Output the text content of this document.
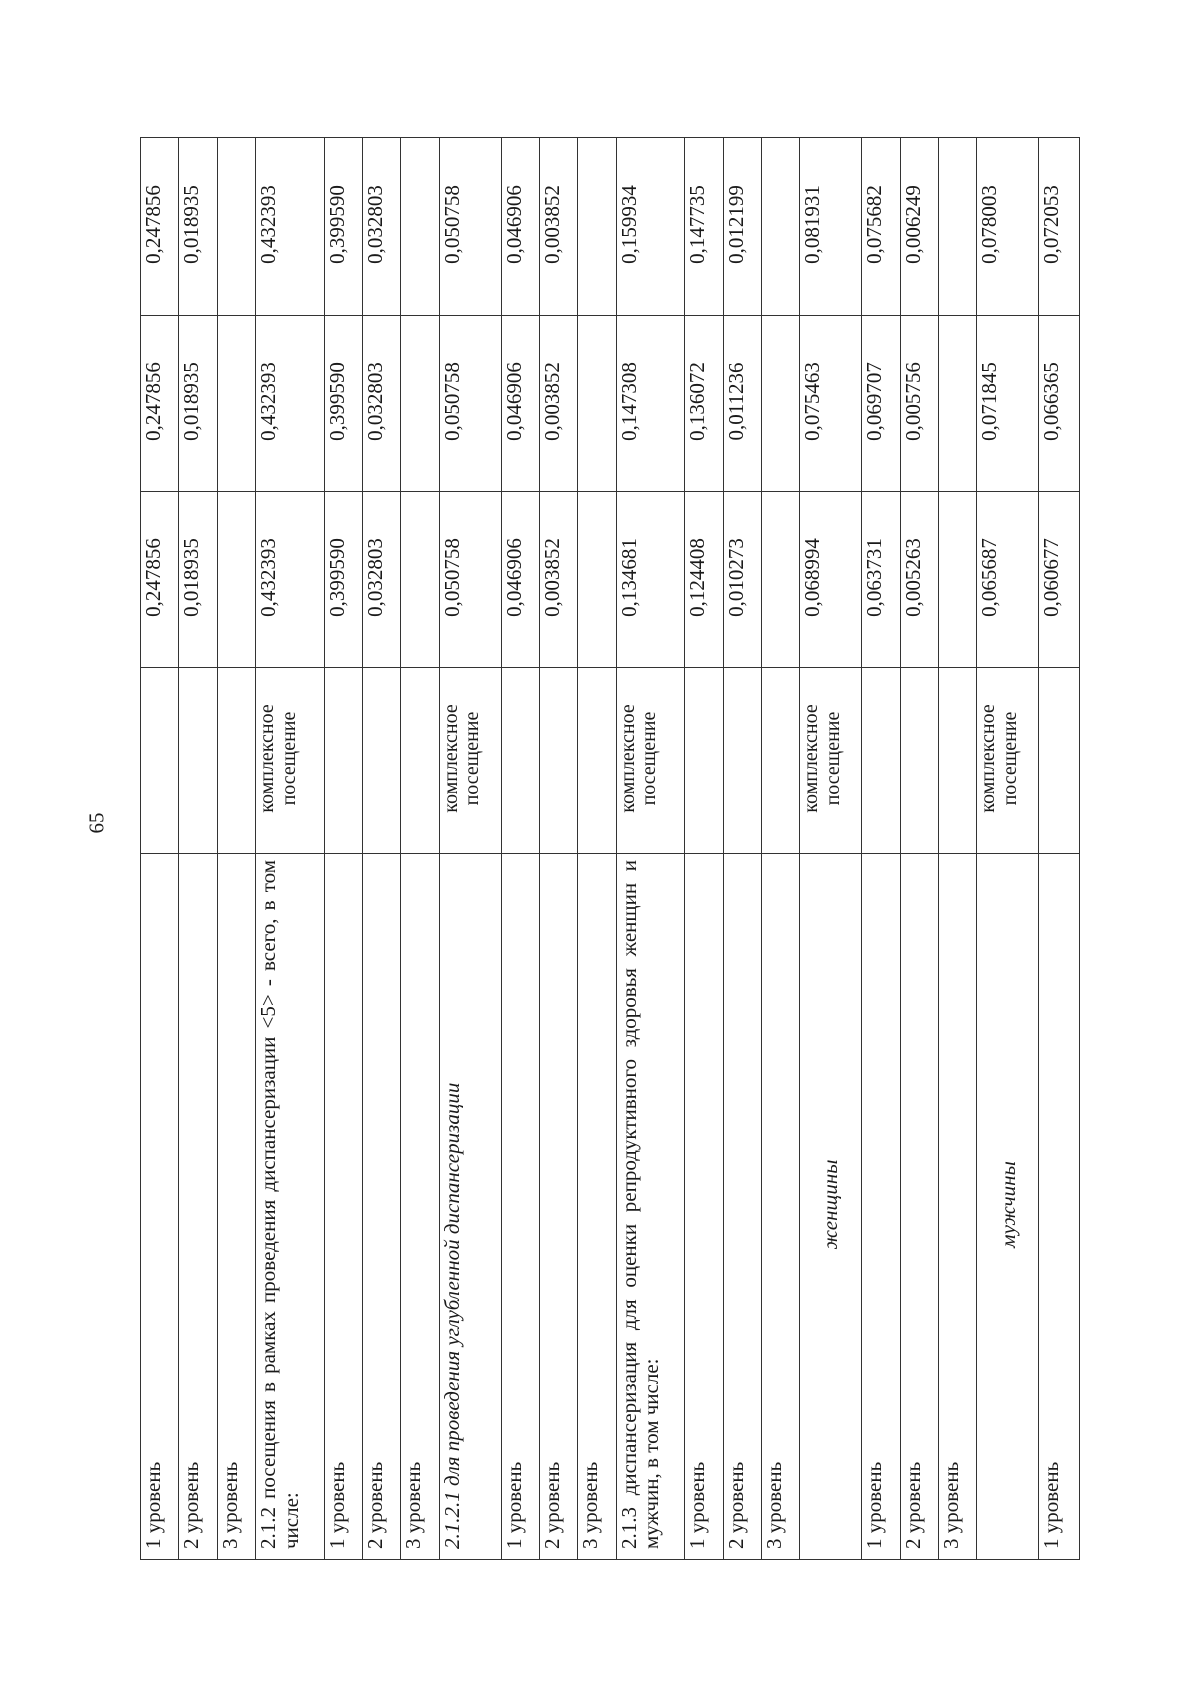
65
1 уровень		0,247856	0,247856	0,247856
2 уровень		0,018935	0,018935	0,018935
3 уровень				
2.1.2 посещения в рамках проведения диспансеризации <5> - всего, в том числе:	комплексное посещение	0,432393	0,432393	0,432393
1 уровень		0,399590	0,399590	0,399590
2 уровень		0,032803	0,032803	0,032803
3 уровень				
2.1.2.1 для проведения углубленной диспансеризации	комплексное посещение	0,050758	0,050758	0,050758
1 уровень		0,046906	0,046906	0,046906
2 уровень		0,003852	0,003852	0,003852
3 уровень				
2.1.3 диспансеризация для оценки репродуктивного здоровья женщин и мужчин, в том числе:	комплексное посещение	0,134681	0,147308	0,159934
1 уровень		0,124408	0,136072	0,147735
2 уровень		0,010273	0,011236	0,012199
3 уровень				
женщины	комплексное посещение	0,068994	0,075463	0,081931
1 уровень		0,063731	0,069707	0,075682
2 уровень		0,005263	0,005756	0,006249
3 уровень				
мужчины	комплексное посещение	0,065687	0,071845	0,078003
1 уровень		0,060677	0,066365	0,072053
